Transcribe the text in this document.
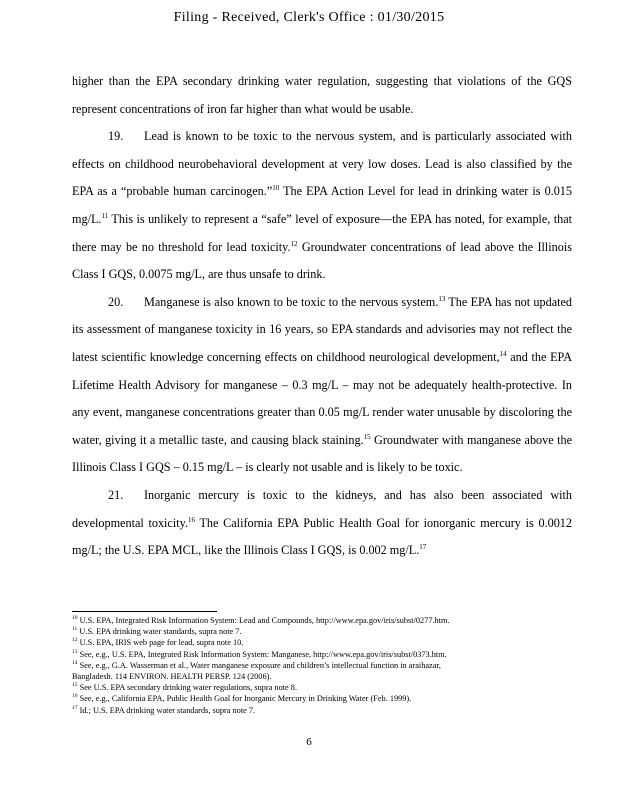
Filing - Received, Clerk's Office : 01/30/2015

higher than the EPA secondary drinking water regulation, suggesting that violations of the GQS represent concentrations of iron far higher than what would be usable.

19. Lead is known to be toxic to the nervous system, and is particularly associated with effects on childhood neurobehavioral development at very low doses. Lead is also classified by the EPA as a “probable human carcinogen.”$^{10}$ The EPA Action Level for lead in drinking water is 0.015 mg/L.$^{11}$ This is unlikely to represent a “safe” level of exposure—the EPA has noted, for example, that there may be no threshold for lead toxicity.$^{12}$ Groundwater concentrations of lead above the Illinois Class I GQS, 0.0075 mg/L, are thus unsafe to drink.

20. Manganese is also known to be toxic to the nervous system.$^{13}$ The EPA has not updated its assessment of manganese toxicity in 16 years, so EPA standards and advisories may not reflect the latest scientific knowledge concerning effects on childhood neurological development,$^{14}$ and the EPA Lifetime Health Advisory for manganese – 0.3 mg/L – may not be adequately health-protective. In any event, manganese concentrations greater than 0.05 mg/L render water unusable by discoloring the water, giving it a metallic taste, and causing black staining.$^{15}$ Groundwater with manganese above the Illinois Class I GQS – 0.15 mg/L – is clearly not usable and is likely to be toxic.

21. Inorganic mercury is toxic to the kidneys, and has also been associated with developmental toxicity.$^{16}$ The California EPA Public Health Goal for ionorganic mercury is 0.0012 mg/L; the U.S. EPA MCL, like the Illinois Class I GQS, is 0.002 mg/L.$^{17}$

$^{10}$ U.S. EPA, Integrated Risk Information System: Lead and Compounds, http://www.epa.gov/iris/subst/0277.htm.
$^{11}$ U.S. EPA drinking water standards, supra note 7.
$^{12}$ U.S. EPA, IRIS web page for lead, supra note 10.
$^{13}$ See, e.g., U.S. EPA, Integrated Risk Information System: Manganese, http://www.epa.gov/iris/subst/0373.htm.
$^{14}$ See, e.g., G.A. Wasserman et al., Water manganese exposure and children’s intellectual function in araihazar,
Bangladesh. 114 ENVIRON. HEALTH PERSP. 124 (2006).
$^{15}$ See U.S. EPA secondary drinking water regulations, supra note 8.
$^{16}$ See, e.g., California EPA, Public Health Goal for Inorganic Mercury in Drinking Water (Feb. 1999).
$^{17}$ Id.; U.S. EPA drinking water standards, supra note 7.
6
